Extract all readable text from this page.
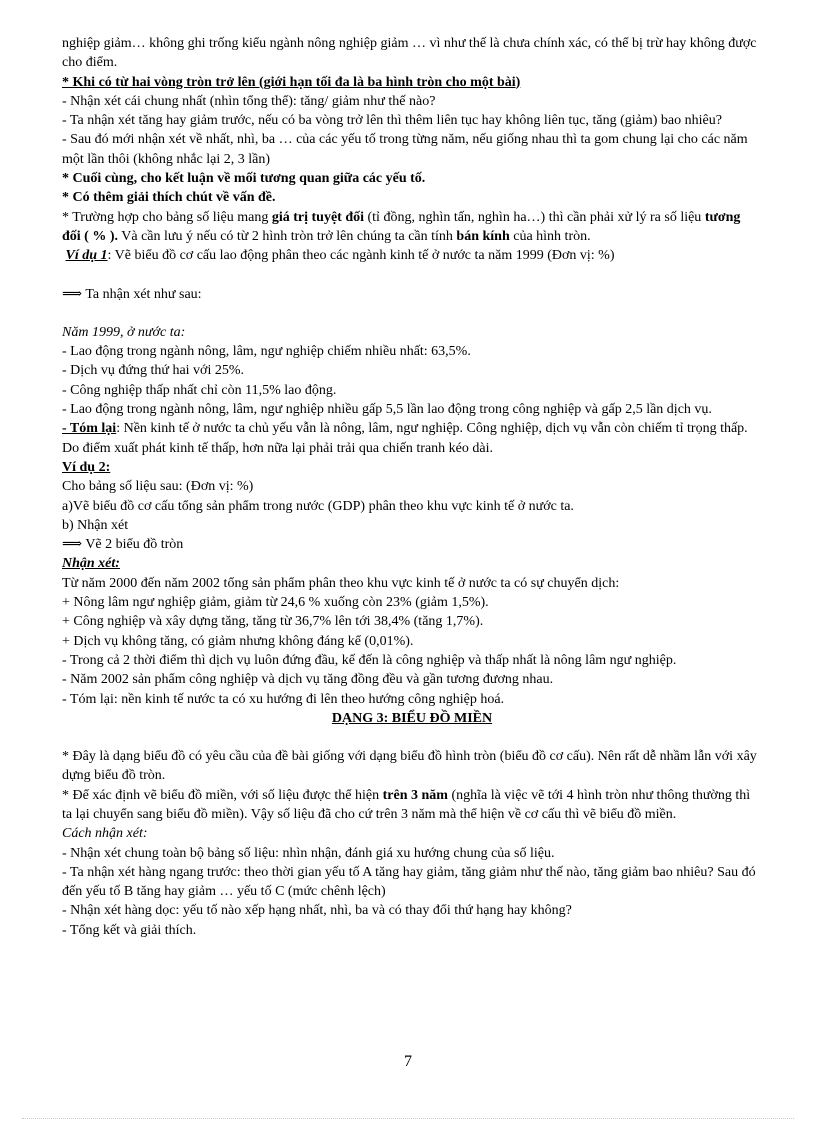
nghiệp giảm… không ghi trống kiểu ngành nông nghiệp giảm … vì như thế là chưa chính xác, có thể bị trừ hay không được cho điểm.

* Khi có từ hai vòng tròn trở lên (giới hạn tối đa là ba hình tròn cho một bài)

- Nhận xét cái chung nhất (nhìn tổng thể): tăng/ giảm như thế nào?

- Ta nhận xét tăng hay giảm trước, nếu có ba vòng trở lên thì thêm liên tục hay không liên tục, tăng (giảm) bao nhiêu?

- Sau đó mới nhận xét về nhất, nhì, ba … của các yếu tố trong từng năm, nếu giống nhau thì ta gom chung lại cho các năm một lần thôi (không nhắc lại 2, 3 lần)

* Cuối cùng, cho kết luận về mối tương quan giữa các yếu tố.

* Có thêm giải thích chút về vấn đề.

* Trường hợp cho bảng số liệu mang giá trị tuyệt đối (tỉ đồng, nghìn tấn, nghìn ha…) thì cần phải xử lý ra số liệu tương đối ( % ). Và cần lưu ý nếu có từ 2 hình tròn trở lên chúng ta cần tính bán kính của hình tròn.

Ví dụ 1: Vẽ biểu đồ cơ cấu lao động phân theo các ngành kinh tế ở nước ta năm 1999 (Đơn vị: %)

⟹ Ta nhận xét như sau:

Năm 1999, ở nước ta:

- Lao động trong ngành nông, lâm, ngư nghiệp chiếm nhiều nhất: 63,5%.

- Dịch vụ đứng thứ hai với 25%.

- Công nghiệp thấp nhất chỉ còn 11,5% lao động.

- Lao động trong ngành nông, lâm, ngư nghiệp nhiều gấp 5,5 lần lao động trong công nghiệp và gấp 2,5 lần dịch vụ.

- Tóm lại: Nền kinh tế ở nước ta chủ yếu vẫn là nông, lâm, ngư nghiệp. Công nghiệp, dịch vụ vẫn còn chiếm tỉ trọng thấp. Do điểm xuất phát kinh tế thấp, hơn nữa lại phải trải qua chiến tranh kéo dài.

Ví dụ 2:

Cho bảng số liệu sau: (Đơn vị: %)

a)Vẽ biểu đồ cơ cấu tổng sản phẩm trong nước (GDP) phân theo khu vực kinh tế ở nước ta.

b) Nhận xét

⟹ Vẽ 2 biểu đồ tròn

Nhận xét:

Từ năm 2000 đến năm 2002 tổng sản phẩm phân theo khu vực kinh tế ở nước ta có sự chuyển dịch:

+ Nông lâm ngư nghiệp giảm, giảm từ 24,6 % xuống còn 23% (giảm 1,5%).

+ Công nghiệp và xây dựng tăng, tăng từ 36,7% lên tới 38,4% (tăng 1,7%).

+ Dịch vụ không tăng, có giảm nhưng không đáng kể (0,01%).

- Trong cả 2 thời điểm thì dịch vụ luôn đứng đầu, kế đến là công nghiệp và thấp nhất là nông lâm ngư nghiệp.

- Năm 2002 sản phẩm công nghiệp và dịch vụ tăng đồng đều và gần tương đương nhau.

- Tóm lại: nền kinh tế nước ta có xu hướng đi lên theo hướng công nghiệp hoá.

DẠNG 3: BIỂU ĐỒ MIỀN

* Đây là dạng biểu đồ có yêu cầu của đề bài giống với dạng biểu đồ hình tròn (biểu đồ cơ cấu). Nên rất dễ nhầm lẫn với xây dựng biểu đồ tròn.

* Để xác định vẽ biểu đồ miền, với số liệu được thể hiện trên 3 năm (nghĩa là việc vẽ tới 4 hình tròn như thông thường thì ta lại chuyển sang biểu đồ miền). Vậy số liệu đã cho cứ trên 3 năm mà thể hiện về cơ cấu thì vẽ biểu đồ miền.

Cách nhận xét:

- Nhận xét chung toàn bộ bảng số liệu: nhìn nhận, đánh giá xu hướng chung của số liệu.

- Ta nhận xét hàng ngang trước: theo thời gian yếu tố A tăng hay giảm, tăng giảm như thế nào, tăng giảm bao nhiêu? Sau đó đến yếu tố B tăng hay giảm … yếu tố C (mức chênh lệch)

- Nhận xét hàng dọc: yếu tố nào xếp hạng nhất, nhì, ba và có thay đổi thứ hạng hay không?

- Tổng kết và giải thích.

7
